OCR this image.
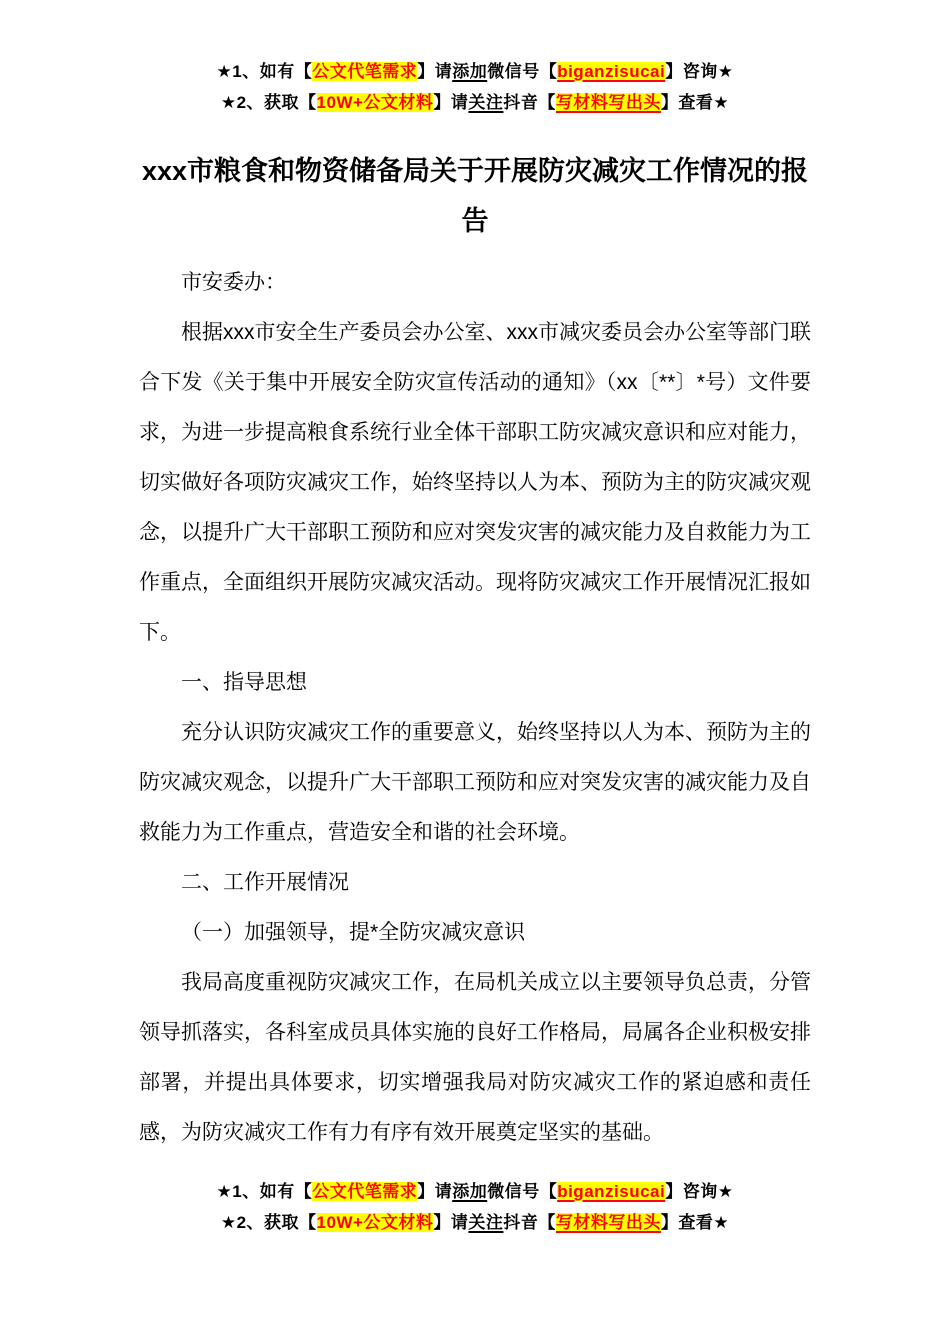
★1、如有【公文代笔需求】请添加微信号【biganzisucai】咨询★
★2、获取【10W+公文材料】请关注抖音【写材料写出头】查看★
xxx市粮食和物资储备局关于开展防灾减灾工作情况的报告

市安委办：

根据xxx市安全生产委员会办公室、xxx市减灾委员会办公室等部门联合下发《关于集中开展安全防灾宣传活动的通知》（xx〔**〕*号）文件要求，为进一步提高粮食系统行业全体干部职工防灾减灾意识和应对能力，切实做好各项防灾减灾工作，始终坚持以人为本、预防为主的防灾减灾观念，以提升广大干部职工预防和应对突发灾害的减灾能力及自救能力为工作重点，全面组织开展防灾减灾活动。现将防灾减灾工作开展情况汇报如下。

一、指导思想

充分认识防灾减灾工作的重要意义，始终坚持以人为本、预防为主的防灾减灾观念，以提升广大干部职工预防和应对突发灾害的减灾能力及自救能力为工作重点，营造安全和谐的社会环境。

二、工作开展情况

（一）加强领导，提*全防灾减灾意识

我局高度重视防灾减灾工作，在局机关成立以主要领导负总责，分管领导抓落实，各科室成员具体实施的良好工作格局，局属各企业积极安排部署，并提出具体要求，切实增强我局对防灾减灾工作的紧迫感和责任感，为防灾减灾工作有力有序有效开展奠定坚实的基础。

★1、如有【公文代笔需求】请添加微信号【biganzisucai】咨询★
★2、获取【10W+公文材料】请关注抖音【写材料写出头】查看★
